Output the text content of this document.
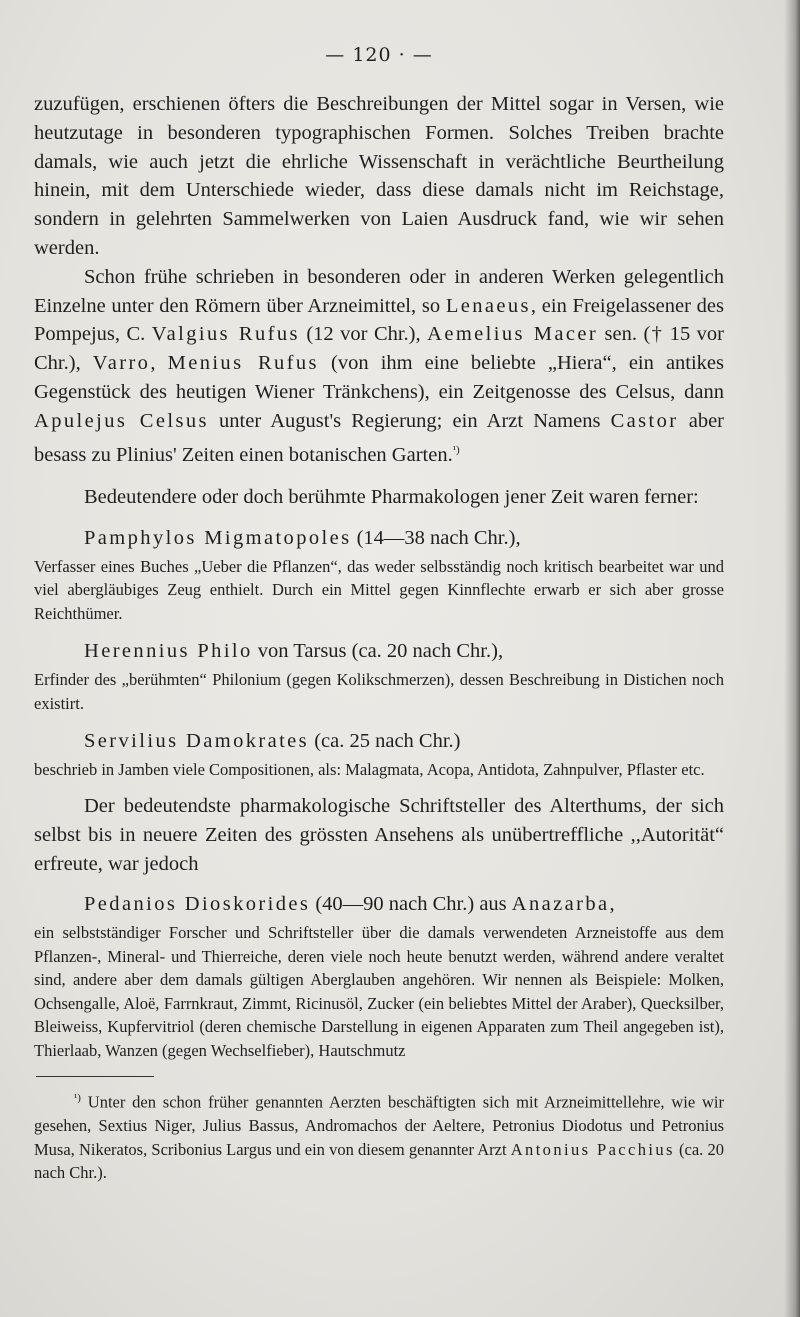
— 120 · —

zuzufügen, erschienen öfters die Beschreibungen der Mittel sogar in Versen, wie heutzutage in besonderen typographischen Formen. Solches Treiben brachte damals, wie auch jetzt die ehrliche Wissenschaft in verächtliche Beurtheilung hinein, mit dem Unterschiede wieder, dass diese damals nicht im Reichstage, sondern in gelehrten Sammelwerken von Laien Ausdruck fand, wie wir sehen werden.

Schon frühe schrieben in besonderen oder in anderen Werken gelegentlich Einzelne unter den Römern über Arzneimittel, so Lenaeus, ein Freigelassener des Pompejus, C. Valgius Rufus (12 vor Chr.), Aemelius Macer sen. († 15 vor Chr.), Varro, Menius Rufus (von ihm eine beliebte „Hiera“, ein antikes Gegenstück des heutigen Wiener Tränkchens), ein Zeitgenosse des Celsus, dann Apulejus Celsus unter August's Regierung; ein Arzt Namens Castor aber besass zu Plinius' Zeiten einen botanischen Garten.$^{^1)}$

Bedeutendere oder doch berühmte Pharmakologen jener Zeit waren ferner:

Pamphylos Migmatopoles (14—38 nach Chr.),

Verfasser eines Buches „Ueber die Pflanzen“, das weder selbsständig noch kritisch bearbeitet war und viel abergläubiges Zeug enthielt. Durch ein Mittel gegen Kinnflechte erwarb er sich aber grosse Reichthümer.

Herennius Philo von Tarsus (ca. 20 nach Chr.),

Erfinder des „berühmten“ Philonium (gegen Kolikschmerzen), dessen Beschreibung in Distichen noch existirt.

Servilius Damokrates (ca. 25 nach Chr.)

beschrieb in Jamben viele Compositionen, als: Malagmata, Acopa, Antidota, Zahnpulver, Pflaster etc.

Der bedeutendste pharmakologische Schriftsteller des Alterthums, der sich selbst bis in neuere Zeiten des grössten Ansehens als unübertreffliche ,,Autorität“ erfreute, war jedoch

Pedanios Dioskorides (40—90 nach Chr.) aus Anazarba,

ein selbstständiger Forscher und Schriftsteller über die damals verwendeten Arzneistoffe aus dem Pflanzen-, Mineral- und Thierreiche, deren viele noch heute benutzt werden, während andere veraltet sind, andere aber dem damals gültigen Aberglauben angehören. Wir nennen als Beispiele: Molken, Ochsengalle, Aloë, Farrnkraut, Zimmt, Ricinusöl, Zucker (ein beliebtes Mittel der Araber), Quecksilber, Bleiweiss, Kupfervitriol (deren chemische Darstellung in eigenen Apparaten zum Theil angegeben ist), Thierlaab, Wanzen (gegen Wechselfieber), Hautschmutz

$^{^1)}$ Unter den schon früher genannten Aerzten beschäftigten sich mit Arzneimittellehre, wie wir gesehen, Sextius Niger, Julius Bassus, Andromachos der Aeltere, Petronius Diodotus und Petronius Musa, Nikeratos, Scribonius Largus und ein von diesem genannter Arzt Antonius Pacchius (ca. 20 nach Chr.).
